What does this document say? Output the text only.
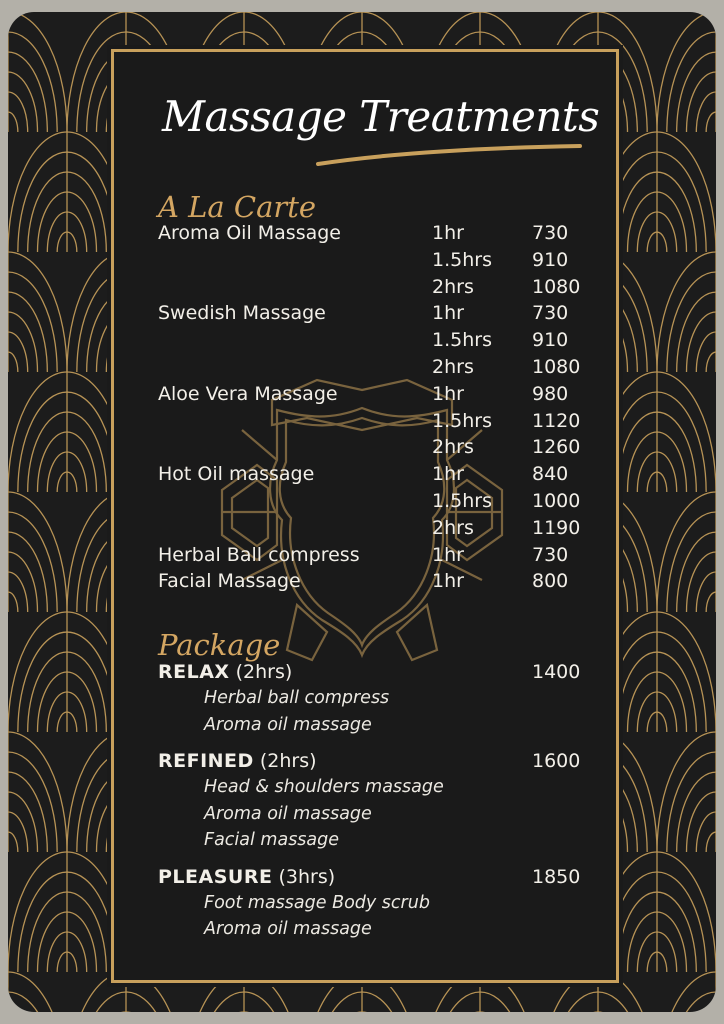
Massage Treatments
A La Carte
Aroma Oil Massage	1hr	730
1.5hrs 910
2hrs	1080
Swedish Massage	1hr	730
1.5hrs 910
2hrs	1080
Aloe Vera Massage	1hr	980
1.5hrs 1120
2hrs	1260
Hot Oil massage	1hr	840
1.5hrs 1000
2hrs	1190
Herbal Ball compress	1hr	730
Facial Massage	1hr	800
Package
RELAX (2hrs)	1400
Herbal ball compress
Aroma oil massage
REFINED (2hrs)	1600
Head & shoulders massage
Aroma oil massage
Facial massage
PLEASURE (3hrs)	1850
Foot massage Body scrub
Aroma oil massage
